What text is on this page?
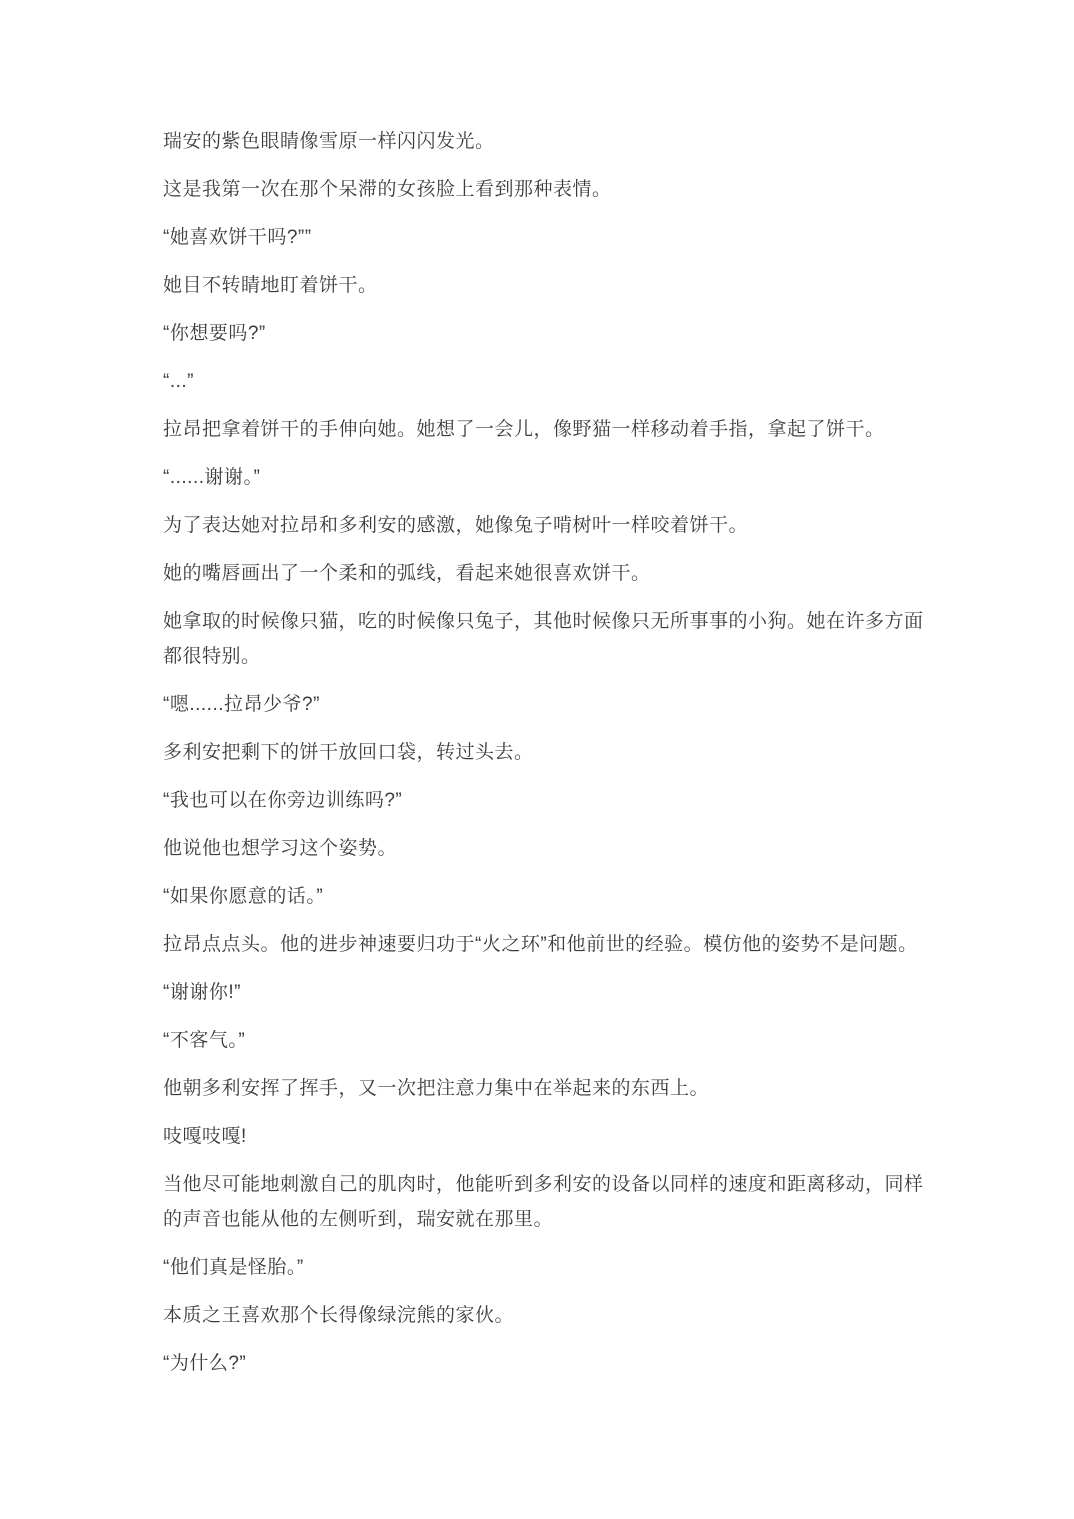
瑞安的紫色眼睛像雪原一样闪闪发光。

这是我第一次在那个呆滞的女孩脸上看到那种表情。

“她喜欢饼干吗?””

她目不转睛地盯着饼干。

“你想要吗?”

“...”

拉昂把拿着饼干的手伸向她。她想了一会儿，像野猫一样移动着手指，拿起了饼干。

“......谢谢。”

为了表达她对拉昂和多利安的感激，她像兔子啃树叶一样咬着饼干。

她的嘴唇画出了一个柔和的弧线，看起来她很喜欢饼干。

她拿取的时候像只猫，吃的时候像只兔子，其他时候像只无所事事的小狗。她在许多方面都很特别。

“嗯......拉昂少爷?”

多利安把剩下的饼干放回口袋，转过头去。

“我也可以在你旁边训练吗?”

他说他也想学习这个姿势。

“如果你愿意的话。”

拉昂点点头。他的进步神速要归功于“火之环”和他前世的经验。模仿他的姿势不是问题。

“谢谢你!”

“不客气。”

他朝多利安挥了挥手，又一次把注意力集中在举起来的东西上。

吱嘎吱嘎!

当他尽可能地刺激自己的肌肉时，他能听到多利安的设备以同样的速度和距离移动，同样的声音也能从他的左侧听到，瑞安就在那里。

“他们真是怪胎。”

本质之王喜欢那个长得像绿浣熊的家伙。

“为什么?”
